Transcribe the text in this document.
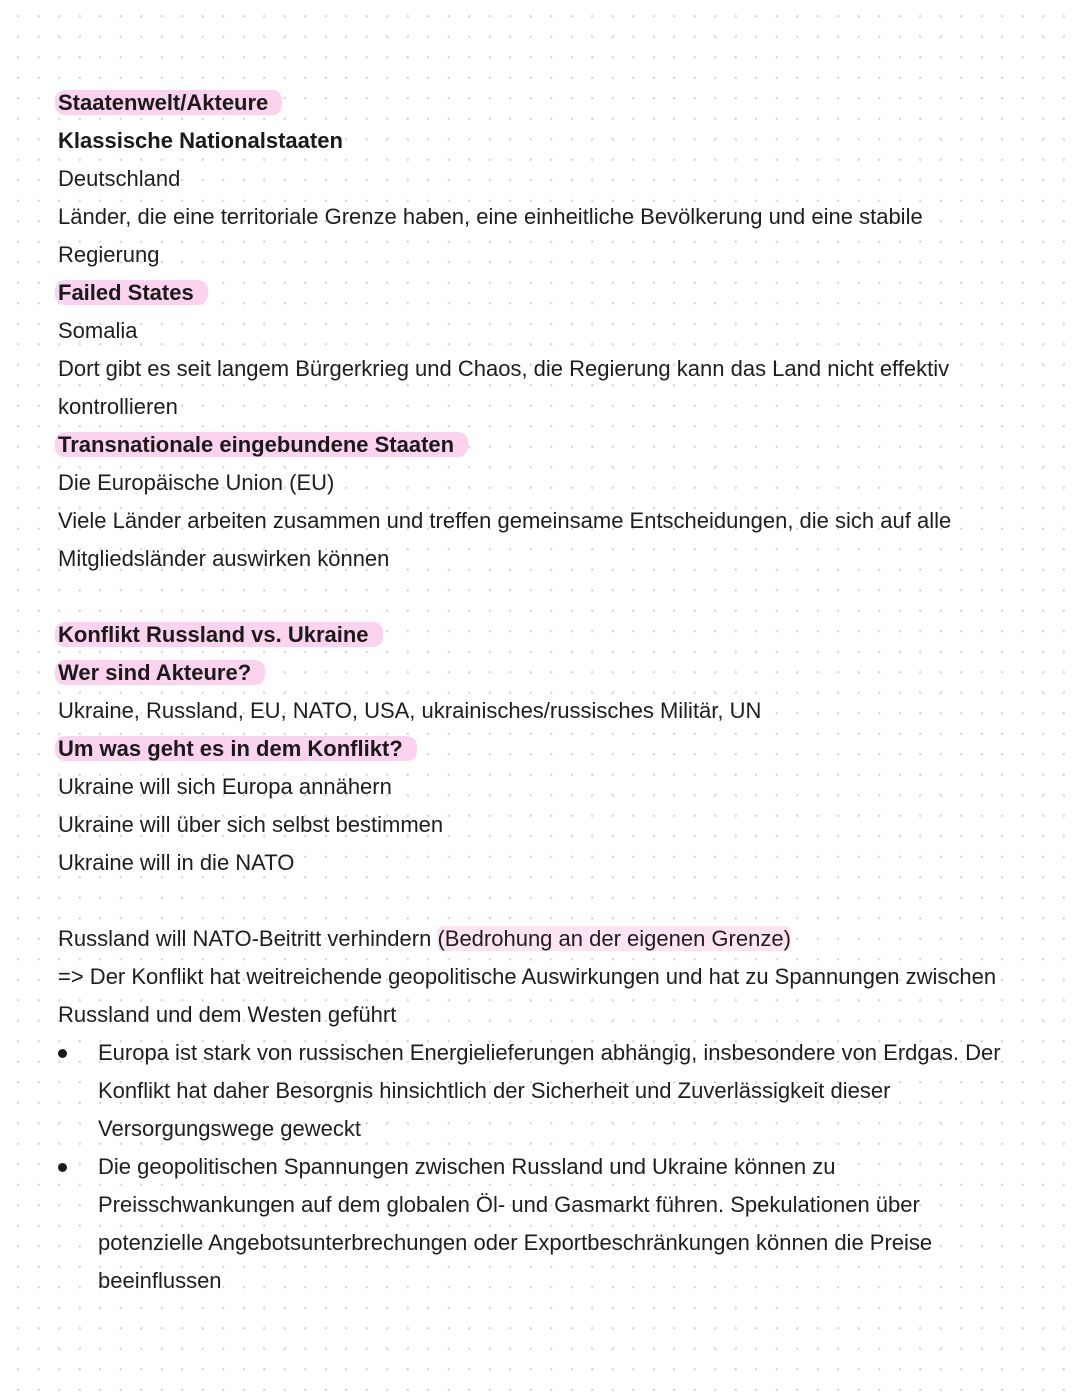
Staatenwelt/Akteure

Klassische Nationalstaaten

Deutschland

Länder, die eine territoriale Grenze haben, eine einheitliche Bevölkerung und eine stabile Regierung

Failed States

Somalia

Dort gibt es seit langem Bürgerkrieg und Chaos, die Regierung kann das Land nicht effektiv kontrollieren

Transnationale eingebundene Staaten

Die Europäische Union (EU)

Viele Länder arbeiten zusammen und treffen gemeinsame Entscheidungen, die sich auf alle Mitgliedsländer auswirken können

Konflikt Russland vs. Ukraine

Wer sind Akteure?

Ukraine, Russland, EU, NATO, USA, ukrainisches/russisches Militär, UN

Um was geht es in dem Konflikt?

Ukraine will sich Europa annähern

Ukraine will über sich selbst bestimmen

Ukraine will in die NATO

Russland will NATO-Beitritt verhindern (Bedrohung an der eigenen Grenze)

=> Der Konflikt hat weitreichende geopolitische Auswirkungen und hat zu Spannungen zwischen Russland und dem Westen geführt

Europa ist stark von russischen Energielieferungen abhängig, insbesondere von Erdgas. Der Konflikt hat daher Besorgnis hinsichtlich der Sicherheit und Zuverlässigkeit dieser Versorgungswege geweckt
Die geopolitischen Spannungen zwischen Russland und Ukraine können zu Preisschwankungen auf dem globalen Öl- und Gasmarkt führen. Spekulationen über potenzielle Angebotsunterbrechungen oder Exportbeschränkungen können die Preise beeinflussen
